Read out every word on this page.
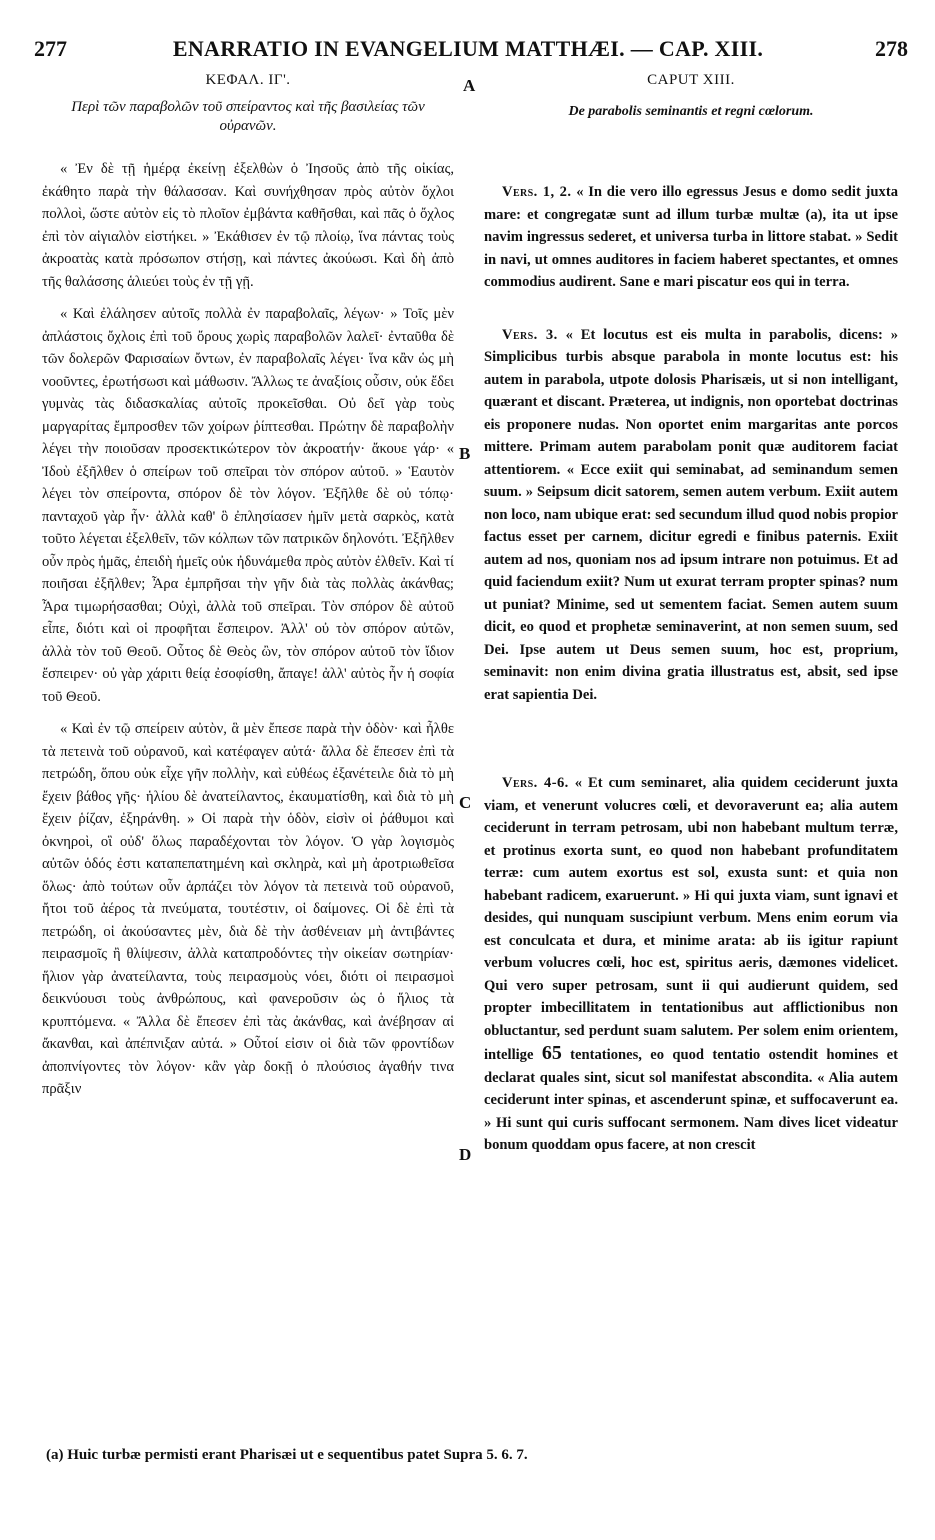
277	ENARRATIO IN EVANGELIUM MATTHÆI. — CAP. XIII.	278
ΚΕΦΑΛ. ΙΓ'.
Περὶ τῶν παραβολῶν τοῦ σπείραντος καὶ τῆς βασιλείας τῶν οὐρανῶν.

« Ἐν δὲ τῇ ἡμέρᾳ ἐκείνῃ ἐξελθὼν ὁ Ἰησοῦς ἀπὸ τῆς οἰκίας, ἐκάθητο παρὰ τὴν θάλασσαν. Καὶ συνήχθησαν πρὸς αὐτὸν ὄχλοι πολλοὶ, ὥστε αὐτὸν εἰς τὸ πλοῖον ἐμβάντα καθῆσθαι, καὶ πᾶς ὁ ὄχλος ἐπὶ τὸν αἰγιαλὸν εἱστήκει. » Ἐκάθισεν ἐν τῷ πλοίῳ, ἵνα πάντας τοὺς ἀκροατὰς κατὰ πρόσωπον στήσῃ, καὶ πάντες ἀκούωσι. Καὶ δὴ ἀπὸ τῆς θαλάσσης ἁλιεύει τοὺς ἐν τῇ γῇ.

« Καὶ ἐλάλησεν αὐτοῖς πολλὰ ἐν παραβολαῖς, λέγων· » Τοῖς μὲν ἀπλάστοις ὄχλοις ἐπὶ τοῦ ὄρους χωρὶς παραβολῶν λαλεῖ· ἐνταῦθα δὲ τῶν δολερῶν Φαρισαίων ὄντων, ἐν παραβολαῖς λέγει· ἵνα κἂν ὡς μὴ νοοῦντες, ἐρωτήσωσι καὶ μάθωσιν. Ἄλλως τε ἀναξίοις οὖσιν, οὐκ ἔδει γυμνὰς τὰς διδασκαλίας αὐτοῖς προκεῖσθαι. Οὐ δεῖ γὰρ τοὺς μαργαρίτας ἔμπροσθεν τῶν χοίρων ῥίπτεσθαι. Πρώτην δὲ παραβολὴν λέγει τὴν ποιοῦσαν προσεκτικώτερον τὸν ἀκροατήν· ἄκουε γάρ· « Ἰδοὺ ἐξῆλθεν ὁ σπείρων τοῦ σπεῖραι τὸν σπόρον αὐτοῦ. » Ἑαυτὸν λέγει τὸν σπείροντα, σπόρον δὲ τὸν λόγον. Ἐξῆλθε δὲ οὐ τόπῳ· πανταχοῦ γὰρ ἦν· ἀλλὰ καθ' ὃ ἐπλησίασεν ἡμῖν μετὰ σαρκὸς, κατὰ τοῦτο λέγεται ἐξελθεῖν, τῶν κόλπων τῶν πατρικῶν δηλονότι. Ἐξῆλθεν οὖν πρὸς ἡμᾶς, ἐπειδὴ ἡμεῖς οὐκ ἠδυνάμεθα πρὸς αὐτὸν ἐλθεῖν. Καὶ τί ποιῆσαι ἐξῆλθεν; Ἆρα ἐμπρῆσαι τὴν γῆν διὰ τὰς πολλὰς ἀκάνθας; Ἆρα τιμωρήσασθαι; Οὐχὶ, ἀλλὰ τοῦ σπεῖραι. Τὸν σπόρον δὲ αὐτοῦ εἶπε, διότι καὶ οἱ προφῆται ἔσπειρον. Ἀλλ' οὐ τὸν σπόρον αὐτῶν, ἀλλὰ τὸν τοῦ Θεοῦ. Οὗτος δὲ Θεὸς ὢν, τὸν σπόρον αὐτοῦ τὸν ἴδιον ἔσπειρεν· οὐ γὰρ χάριτι θείᾳ ἐσοφίσθη, ἄπαγε! ἀλλ' αὐτὸς ἦν ἡ σοφία τοῦ Θεοῦ.

« Καὶ ἐν τῷ σπείρειν αὐτὸν, ἃ μὲν ἔπεσε παρὰ τὴν ὁδὸν· καὶ ἦλθε τὰ πετεινὰ τοῦ οὐρανοῦ, καὶ κατέφαγεν αὐτά· ἄλλα δὲ ἔπεσεν ἐπὶ τὰ πετρώδη, ὅπου οὐκ εἶχε γῆν πολλὴν, καὶ εὐθέως ἐξανέτειλε διὰ τὸ μὴ ἔχειν βάθος γῆς· ἡλίου δὲ ἀνατείλαντος, ἐκαυματίσθη, καὶ διὰ τὸ μὴ ἔχειν ῥίζαν, ἐξηράνθη. » Οἱ παρὰ τὴν ὁδὸν, εἰσὶν οἱ ῥάθυμοι καὶ ὀκνηροὶ, οἳ οὐδ' ὅλως παραδέχονται τὸν λόγον. Ὁ γὰρ λογισμὸς αὐτῶν ὁδός ἐστι καταπεπατημένη καὶ σκληρὰ, καὶ μὴ ἀροτριωθεῖσα ὅλως· ἀπὸ τούτων οὖν ἁρπάζει τὸν λόγον τὰ πετεινὰ τοῦ οὐρανοῦ, ἤτοι τοῦ ἀέρος τὰ πνεύματα, τουτέστιν, οἱ δαίμονες. Οἱ δὲ ἐπὶ τὰ πετρώδη, οἱ ἀκούσαντες μὲν, διὰ δὲ τὴν ἀσθένειαν μὴ ἀντιβάντες πειρασμοῖς ἢ θλίψεσιν, ἀλλὰ καταπροδόντες τὴν οἰκείαν σωτηρίαν· ἥλιον γὰρ ἀνατείλαντα, τοὺς πειρασμοὺς νόει, διότι οἱ πειρασμοὶ δεικνύουσι τοὺς ἀνθρώπους, καὶ φανεροῦσιν ὡς ὁ ἥλιος τὰ κρυπτόμενα. « Ἄλλα δὲ ἔπεσεν ἐπὶ τὰς ἀκάνθας, καὶ ἀνέβησαν αἱ ἄκανθαι, καὶ ἀπέπνιξαν αὐτά. » Οὗτοί εἰσιν οἱ διὰ τῶν φροντίδων ἀποπνίγοντες τὸν λόγον· κἂν γὰρ δοκῇ ὁ πλούσιος ἀγαθήν τινα πρᾶξιν

A
B
C
D
CAPUT XIII.
De parabolis seminantis et regni cœlorum.

Vers. 1, 2. « In die vero illo egressus Jesus e domo sedit juxta mare: et congregatæ sunt ad illum turbæ multæ (a), ita ut ipse navim ingressus sederet, et universa turba in littore stabat. » Sedit in navi, ut omnes auditores in faciem haberet spectantes, et omnes commodius audirent. Sane e mari piscatur eos qui in terra.

Vers. 3. « Et locutus est eis multa in parabolis, dicens: » Simplicibus turbis absque parabola in monte locutus est: his autem in parabola, utpote dolosis Pharisæis, ut si non intelligant, quærant et discant. Præterea, ut indignis, non oportebat doctrinas eis proponere nudas. Non oportet enim margaritas ante porcos mittere. Primam autem parabolam ponit quæ auditorem faciat attentiorem. « Ecce exiit qui seminabat, ad seminandum semen suum. » Seipsum dicit satorem, semen autem verbum. Exiit autem non loco, nam ubique erat: sed secundum illud quod nobis propior factus esset per carnem, dicitur egredi e finibus paternis. Exiit autem ad nos, quoniam nos ad ipsum intrare non potuimus. Et ad quid faciendum exiit? Num ut exurat terram propter spinas? num ut puniat? Minime, sed ut sementem faciat. Semen autem suum dicit, eo quod et prophetæ seminaverint, at non semen suum, sed Dei. Ipse autem ut Deus semen suum, hoc est, proprium, seminavit: non enim divina gratia illustratus est, absit, sed ipse erat sapientia Dei.

Vers. 4-6. « Et cum seminaret, alia quidem ceciderunt juxta viam, et venerunt volucres cœli, et devoraverunt ea; alia autem ceciderunt in terram petrosam, ubi non habebant multum terræ, et protinus exorta sunt, eo quod non habebant profunditatem terræ: cum autem exortus est sol, exusta sunt: et quia non habebant radicem, exaruerunt. » Hi qui juxta viam, sunt ignavi et desides, qui nunquam suscipiunt verbum. Mens enim eorum via est conculcata et dura, et minime arata: ab iis igitur rapiunt verbum volucres cœli, hoc est, spiritus aeris, dæmones videlicet. Qui vero super petrosam, sunt ii qui audierunt quidem, sed propter imbecillitatem in tentationibus aut afflictionibus non obluctantur, sed perdunt suam salutem. Per solem enim orientem, intellige 65 tentationes, eo quod tentatio ostendit homines et declarat quales sint, sicut sol manifestat abscondita. « Alia autem ceciderunt inter spinas, et ascenderunt spinæ, et suffocaverunt ea. » Hi sunt qui curis suffocant sermonem. Nam dives licet videatur bonum quoddam opus facere, at non crescit

(a) Huic turbæ permisti erant Pharisæi ut e sequentibus patet Supra 5. 6. 7.
